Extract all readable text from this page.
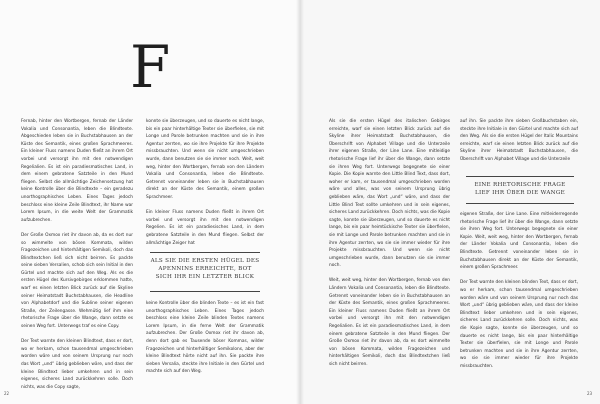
F

Fernab, hinter den Wortbergen, fernab der Länder Vokalia und Consonantia, leben die Blindtexte. Abgeschieden leben sie in Buchstabhausen an der Küste des Semantik, eines großen Sprachmeeres. Ein kleiner Fluss namens Duden fließt an ihrem Ort vorbei und versorgt ihn mit den notwendigen Regelialien. Es ist ein paradiesmatisches Land, in dem einem gebratene Satzteile in den Mund fliegen. Selbst die allmächtige Zeichensetzung hat keine Kontrolle über die Blindtexte – ein geradezu unorthographisches Leben. Eines Tages jedoch beschloss eine kleine Zeile Blindtext, ihr Name war Lorem Ipsum, in die weite Welt der Grammatik aufzubrechen.

Der Große Oxmox riet ihr davon ab, da es dort nur so wimmelte von bösen Kommata, wilden Fragezeichen und hinterhältigen Semikoli, doch das Blindtextchen ließ sich nicht beirren. Es packte seine sieben Versalien, schob sich sein Initial in den Gürtel und machte sich auf den Weg. Als es die ersten Hügel des Kursivgebirges erklommen hatte, warf es einen letzten Blick zurück auf die Skyline seiner Heimatstadt Buchstabhausen, die Headline von Alphabetdorf und die Subline seiner eigenen Straße, der Zeilengasse. Wehmütig lief ihm eine rhetorische Frage über die Wange, dann setzte es seinen Weg fort. Unterwegs traf es eine Copy.

Der Text warnte den kleinen Blindtext, dass er dort, wo er herkam, schon tausendmal umgeschrieben worden wäre und von seinem Ursprung nur noch das Wort „und“ übrig geblieben wäre, und dass der kleine Blindtext lieber umkehren und in sein eigenes, sicheres Land zurückkehren solle. Doch nichts, was die Copy sagte,

konnte sie überzeugen, und so dauerte es nicht lange, bis ein paar hinterhältige Texter sie überfielen, sie mit Longe und Parole betrunken machten und sie in ihre Agentur zerrten, wo sie ihre Projekte für ihre Projekte missbrauchten. Und wenn sie nicht umgeschrieben wurde, dann benutzen sie sie immer noch. Weit, weit weg, hinter den Wortbergen, fernab von den Ländern Vokalia und Consonantia, leben die Blindtexte. Getrennt voneinander leben sie in Buchstabhausen direkt an der Küste des Semantik, einem großen Sprachmeer.

Ein kleiner Fluss namens Duden fließt in ihrem Ort vorbei und versorgt ihn mit den notwendigen Regelien. Es ist ein paradiesisches Land, in dem gebratene Satzteile in den Mund fliegen. Selbst der allmächtige Zeiger hat

ALS SIE DIE ERSTEN HÜGEL DES APENNINS ERREICHTE, BOT SICH IHR EIN LETZTER BLICK

keine Kontrolle über die blinden Texte – es ist ein fast unorthographisches Leben. Eines Tages jedoch beschloss eine kleine Zeile blinden Textes namens Lorem Ipsum, in die ferne Welt der Grammatik aufzubrechen. Der Große Oxmox riet ihr davon ab, denn dort gab es Tausende böser Kommas, wilder Fragezeichen und hinterhältiger Semikolons, aber der kleine Blindtext hörte nicht auf ihn. Sie packte ihre sieben Versalia, steckte ihre Initiale in den Gürtel und machte sich auf den Weg.

22

Als sie die ersten Hügel des italischen Gebirges erreichte, warf sie einen letzten Blick zurück auf die Skyline ihrer Heimatstadt Buchstabhausen, die Überschrift von Alphabet Village und die Unterzeile ihrer eigenen Straße, der Line Lane. Eine mitleidige rhetorische Frage lief ihr über die Wange, dann setzte sie ihren Weg fort. Unterwegs begegnete sie einer Kopie. Die Kopie warnte den Little Blind Text, dass dort, woher er kam, er tausendmal umgeschrieben worden wäre und alles, was von seinem Ursprung übrig geblieben wäre, das Wort „und“ wäre, und dass der Little Blind Text sollte umkehren und in sein eigenes, sicheres Land zurückkehren. Doch nichts, was die Kopie sagte, konnte sie überzeugen, und so dauerte es nicht lange, bis ein paar heimtückische Texter sie überfielen, sie mit Longe und Parole betrunken machten und sie in ihre Agentur zerrten, wo sie sie immer wieder für ihre Projekte missbrauchten. Und wenn sie nicht umgeschrieben wurde, dann benutzen sie sie immer noch.

Weit, weit weg, hinter den Wortbergen, fernab von den Ländern Vokalia und Consonantia, leben die Blindtexte. Getrennt voneinander leben sie in Buchstabhausen an der Küste des Semantik, eines großen Sprachmeeres. Ein kleiner Fluss namens Duden fließt an ihrem Ort vorbei und versorgt ihn mit den notwendigen Regelialien. Es ist ein paradiesmatisches Land, in dem einem gebratene Satzteile in den Mund fliegen. Der Große Oxmox riet ihr davon ab, da es dort wimmelte von bösen Kommata, wilden Fragezeichen und hinterhältigen Semikoli, doch das Blindtextchen ließ sich nicht beirren.

auf ihn. Sie packte ihre sieben Großbuchstaben ein, steckte ihre Initiale in den Gürtel und machte sich auf den Weg. Als sie die ersten Hügel der Italic Mountains erreichte, warf sie einen letzten Blick zurück auf die Skyline ihrer Heimatstadt Buchstabhausen, die Überschrift von Alphabet Village und die Unterzeile

EINE RHETORISCHE FRAGE LIEF IHR ÜBER DIE WANGE

eigenen Straße, der Line Lane. Eine mitleiderregende rhetorische Frage lief ihr über die Wange, dann setzte sie ihren Weg fort. Unterwegs begegnete sie einer Kopie. Weit, weit weg, hinter den Wortbergen, fernab der Länder Vokalia und Consonantia, leben die Blindtexte. Getrennt voneinander leben sie in Buchstabhausen direkt an der Küste der Semantik, einem großen Sprachmeer.

Der Text warnte den kleinen blinden Text, dass er dort, wo er herkam, schon tausendmal umgeschrieben worden wäre und von seinem Ursprung nur noch das Wort „und“ übrig geblieben wäre, und dass der kleine Blindtext lieber umkehren und in sein eigenes, sicheres Land zurückkehren solle. Doch nichts, was die Kopie sagte, konnte sie überzeugen, und so dauerte es nicht lange, bis ein paar hinterhältige Texter sie überfielen, sie mit Longe und Parole betrunken machten und sie in ihre Agentur zerrten, wo sie sie immer wieder für ihre Projekte missbrauchten.

23
